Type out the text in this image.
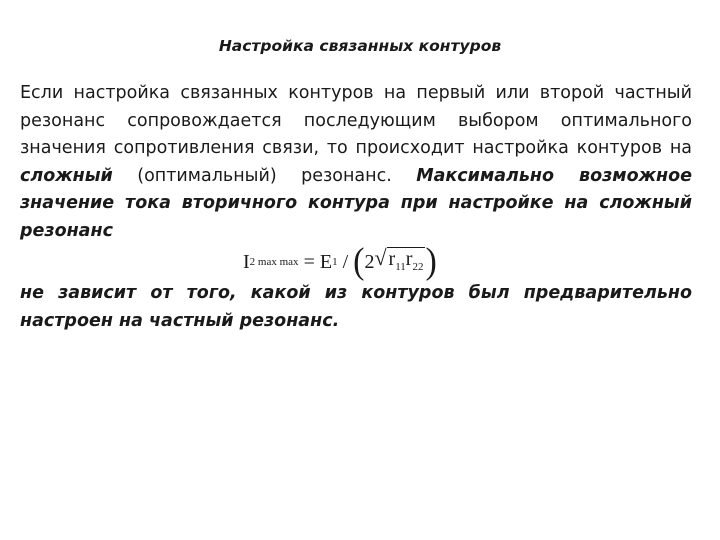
Настройка связанных контуров
Если настройка связанных контуров на первый или второй частный резонанс сопровождается последующим выбором оптимального значения сопротивления связи, то происходит настройка контуров на сложный (оптимальный) резонанс. Максимально возможное значение тока вторичного контура при настройке на сложный резонанс
I 2 max max = E 1 / ( 2 √ $r_{11}r_{22}$ )
не зависит от того, какой из контуров был предварительно настроен на частный резонанс.
